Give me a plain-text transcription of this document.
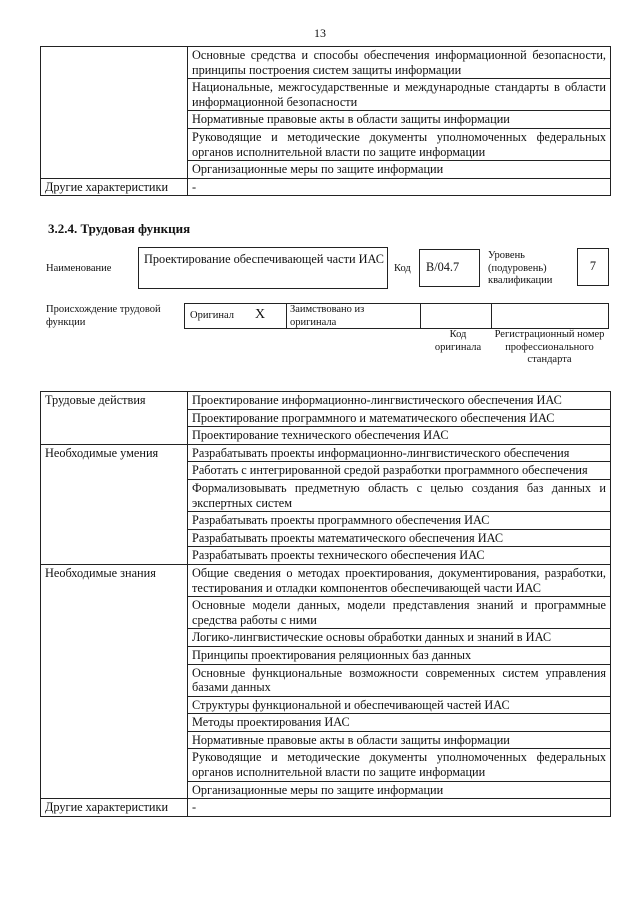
13
	Основные средства и способы обеспечения информационной безопасности, принципы построения систем защиты информации
	Национальные, межгосударственные и международные стандарты в области информационной безопасности
	Нормативные правовые акты в области защиты информации
	Руководящие и методические документы уполномоченных федеральных органов исполнительной власти по защите информации
	Организационные меры по защите информации
Другие характеристики	-
3.2.4. Трудовая функция
Наименование
Проектирование обеспечивающей части ИАС
Код B/04.7
Уровень (подуровень) квалификации
7
Происхождение трудовой функции
Оригинал X Заимствовано из оригинала
Код оригинала
Регистрационный номер профессионального стандарта
Трудовые действия	Проектирование информационно-лингвистического обеспечения ИАС
	Проектирование программного и математического обеспечения ИАС
	Проектирование технического обеспечения ИАС
Необходимые умения	Разрабатывать проекты информационно-лингвистического обеспечения
	Работать с интегрированной средой разработки программного обеспечения
	Формализовывать предметную область с целью создания баз данных и экспертных систем
	Разрабатывать проекты программного обеспечения ИАС
	Разрабатывать проекты математического обеспечения ИАС
	Разрабатывать проекты технического обеспечения ИАС
Необходимые знания	Общие сведения о методах проектирования, документирования, разработки, тестирования и отладки компонентов обеспечивающей части ИАС
	Основные модели данных, модели представления знаний и программные средства работы с ними
	Логико-лингвистические основы обработки данных и знаний в ИАС
	Принципы проектирования реляционных баз данных
	Основные функциональные возможности современных систем управления базами данных
	Структуры функциональной и обеспечивающей частей ИАС
	Методы проектирования ИАС
	Нормативные правовые акты в области защиты информации
	Руководящие и методические документы уполномоченных федеральных органов исполнительной власти по защите информации
	Организационные меры по защите информации
Другие характеристики	-
